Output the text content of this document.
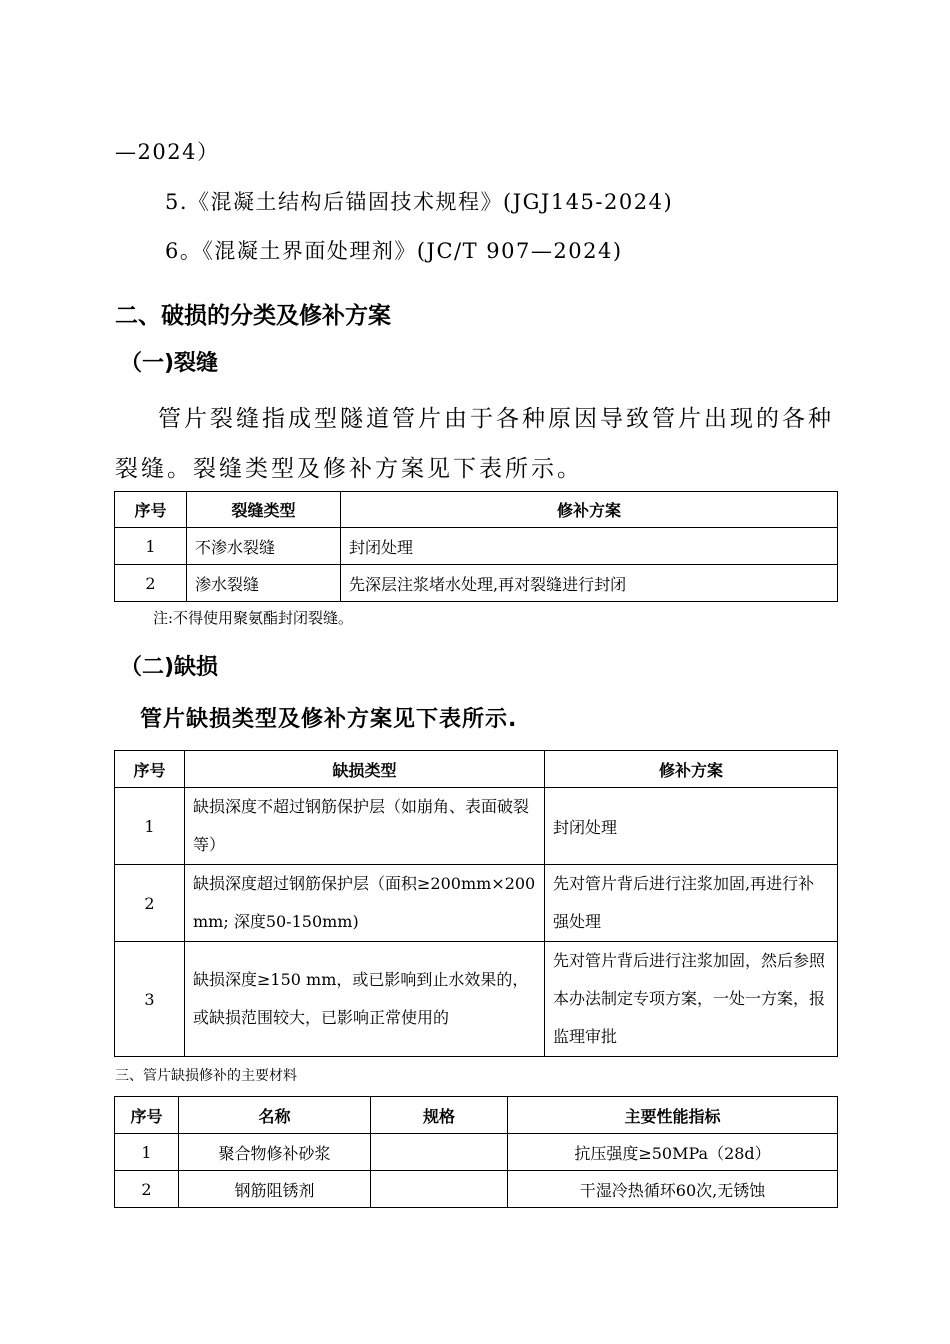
—2024）
5.《混凝土结构后锚固技术规程》(JGJ145-2024)
6。《混凝土界面处理剂》(JC/T 907—2024)
二、破损的分类及修补方案
（一)裂缝
管片裂缝指成型隧道管片由于各种原因导致管片出现的各种
裂缝。裂缝类型及修补方案见下表所示。
序号	裂缝类型	修补方案
1	不渗水裂缝	封闭处理
2	渗水裂缝	先深层注浆堵水处理,再对裂缝进行封闭
注:不得使用聚氨酯封闭裂缝。
（二)缺损
管片缺损类型及修补方案见下表所示.
序号	缺损类型	修补方案
1	缺损深度不超过钢筋保护层（如崩角、表面破裂等）	封闭处理
2	缺损深度超过钢筋保护层（面积≥200mm×200mm; 深度50-150mm)	先对管片背后进行注浆加固,再进行补强处理
3	缺损深度≥150 mm，或已影响到止水效果的，或缺损范围较大，已影响正常使用的	先对管片背后进行注浆加固，然后参照本办法制定专项方案，一处一方案，报监理审批
三、管片缺损修补的主要材料
序号	名称	规格	主要性能指标
1	聚合物修补砂浆		抗压强度≥50MPa（28d）
2	钢筋阻锈剂		干湿冷热循环60次,无锈蚀
